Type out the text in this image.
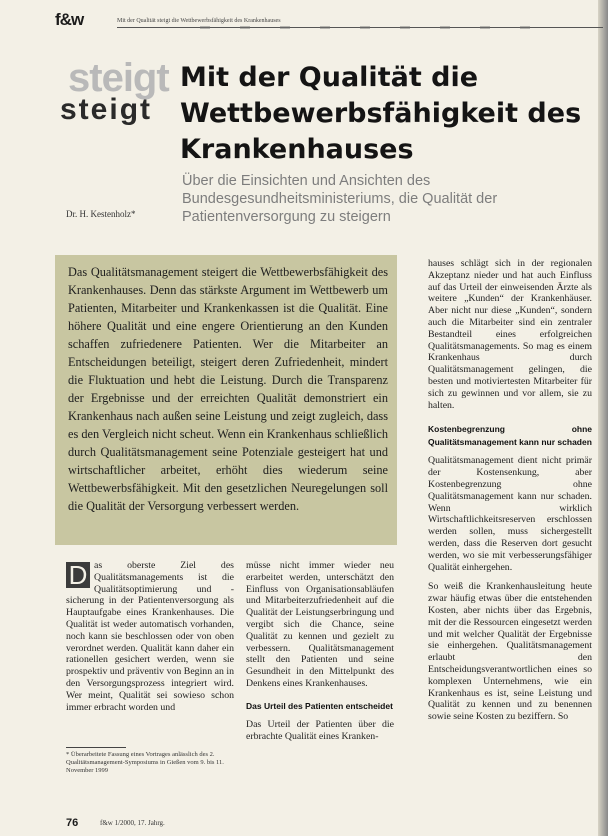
f&w	Mit der Qualität steigt die Wettbewerbsfähigkeit des Krankenhauses
steigt
steigt
Mit der Qualität die Wettbewerbsfähigkeit des Krankenhauses
Über die Einsichten und Ansichten des Bundesgesundheitsministeriums, die Qualität der Patientenversorgung zu steigern
Dr. H. Kestenholz*
Das Qualitätsmanagement steigert die Wettbewerbsfähigkeit des Krankenhauses. Denn das stärkste Argument im Wettbewerb um Patienten, Mitarbeiter und Krankenkassen ist die Qualität. Eine höhere Qualität und eine engere Orientierung an den Kunden schaffen zufriedenere Patienten. Wer die Mitarbeiter an Entscheidungen beteiligt, steigert deren Zufriedenheit, mindert die Fluktuation und hebt die Leistung. Durch die Transparenz der Ergebnisse und der erreichten Qualität demonstriert ein Krankenhaus nach außen seine Leistung und zeigt zugleich, dass es den Vergleich nicht scheut. Wenn ein Krankenhaus schließlich durch Qualitätsmanagement seine Potenziale gesteigert hat und wirtschaftlicher arbeitet, erhöht dies wiederum seine Wettbewerbsfähigkeit. Mit den gesetzlichen Neuregelungen soll die Qualität der Versorgung verbessert werden.
D as oberste Ziel des Qualitätsmanagements ist die Qualitätsoptimierung und -sicherung in der Patientenversorgung als Hauptaufgabe eines Krankenhauses. Die Qualität ist weder automatisch vorhanden, noch kann sie beschlossen oder von oben verordnet werden. Qualität kann daher ein rationellen gesichert werden, wenn sie prospektiv und präventiv von Beginn an in den Versorgungsprozess integriert wird. Wer meint, Qualität sei sowieso schon immer erbracht worden und
müsse nicht immer wieder neu erarbeitet werden, unterschätzt den Einfluss von Organisationsabläufen und Mitarbeiterzufriedenheit auf die Qualität der Leistungserbringung und vergibt sich die Chance, seine Qualität zu kennen und gezielt zu verbessern. Qualitätsmanagement stellt den Patienten und seine Gesundheit in den Mittelpunkt des Denkens eines Krankenhauses.
Das Urteil des Patienten entscheidet
Das Urteil der Patienten über die erbrachte Qualität eines Kranken-
hauses schlägt sich in der regionalen Akzeptanz nieder und hat auch Einfluss auf das Urteil der einweisenden Ärzte als weitere „Kunden“ der Krankenhäuser. Aber nicht nur diese „Kunden“, sondern auch die Mitarbeiter sind ein zentraler Bestandteil eines erfolgreichen Qualitätsmanagements. So mag es einem Krankenhaus durch Qualitätsmanagement gelingen, die besten und motiviertesten Mitarbeiter für sich zu gewinnen und vor allem, sie zu halten.
Kostenbegrenzung ohne Qualitätsmanagement kann nur schaden
Qualitätsmanagement dient nicht primär der Kostensenkung, aber Kostenbegrenzung ohne Qualitätsmanagement kann nur schaden. Wenn wirklich Wirtschaftlichkeitsreserven erschlossen werden sollen, muss sichergestellt werden, dass die Reserven dort gesucht werden, wo sie mit verbesserungsfähiger Qualität einhergehen.
So weiß die Krankenhausleitung heute zwar häufig etwas über die entstehenden Kosten, aber nichts über das Ergebnis, mit der die Ressourcen eingesetzt werden und mit welcher Qualität der Ergebnisse sie einhergehen. Qualitätsmanagement erlaubt den Entscheidungsverantwortlichen eines so komplexen Unternehmens, wie ein Krankenhaus es ist, seine Leistung und Qualität zu kennen und zu benennen sowie seine Kosten zu beziffern. So
* Überarbeitete Fassung eines Vortrages anlässlich des 2. Qualitätsmanagement-Symposiums in Gießen vom 9. bis 11. November 1999
76	f&w 1/2000, 17. Jahrg.
